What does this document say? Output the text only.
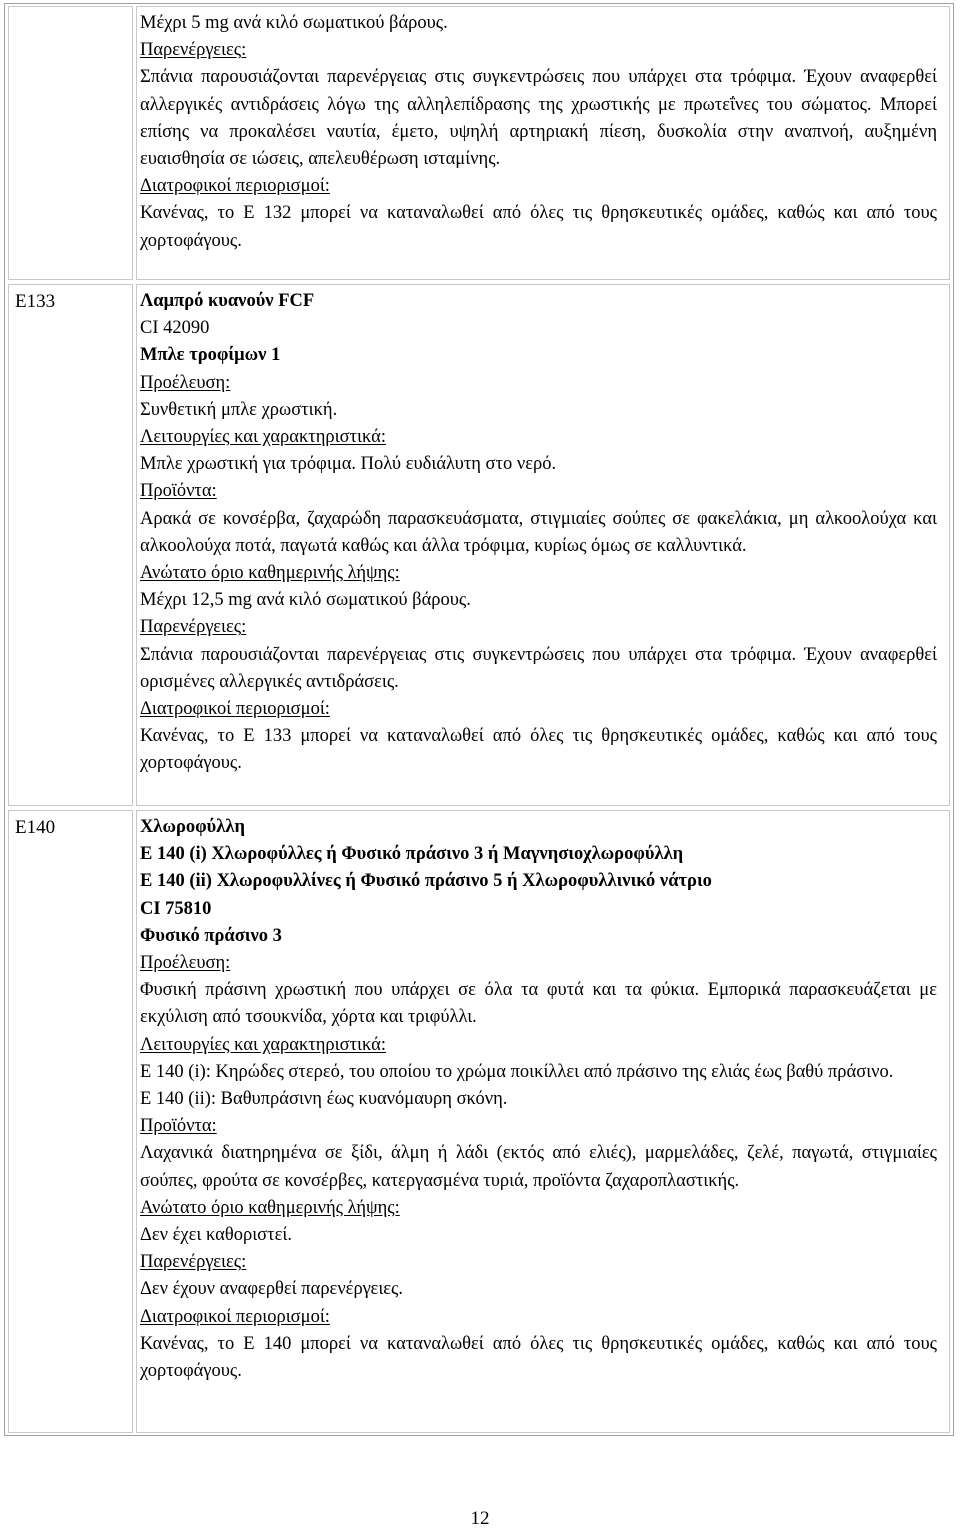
Μέχρι 5 mg ανά κιλό σωματικού βάρους.

Παρενέργειες:

Σπάνια παρουσιάζονται παρενέργειας στις συγκεντρώσεις που υπάρχει στα τρόφιμα. Έχουν αναφερθεί αλλεργικές αντιδράσεις λόγω της αλληλεπίδρασης της χρωστικής με πρωτεΐνες του σώματος. Μπορεί επίσης να προκαλέσει ναυτία, έμετο, υψηλή αρτηριακή πίεση, δυσκολία στην αναπνοή, αυξημένη ευαισθησία σε ιώσεις, απελευθέρωση ισταμίνης.

Διατροφικοί περιορισμοί:

Κανένας, το E 132 μπορεί να καταναλωθεί από όλες τις θρησκευτικές ομάδες, καθώς και από τους χορτοφάγους.

E133	Λαμπρό κυανούν FCF

CI 42090

Μπλε τροφίμων 1

Προέλευση:

Συνθετική μπλε χρωστική.

Λειτουργίες και χαρακτηριστικά:

Μπλε χρωστική για τρόφιμα. Πολύ ευδιάλυτη στο νερό.

Προϊόντα:

Αρακά σε κονσέρβα, ζαχαρώδη παρασκευάσματα, στιγμιαίες σούπες σε φακελάκια, μη αλκοολούχα και αλκοολούχα ποτά, παγωτά καθώς και άλλα τρόφιμα, κυρίως όμως σε καλλυντικά.

Ανώτατο όριο καθημερινής λήψης:

Μέχρι 12,5 mg ανά κιλό σωματικού βάρους.

Παρενέργειες:

Σπάνια παρουσιάζονται παρενέργειας στις συγκεντρώσεις που υπάρχει στα τρόφιμα. Έχουν αναφερθεί ορισμένες αλλεργικές αντιδράσεις.

Διατροφικοί περιορισμοί:

Κανένας, το E 133 μπορεί να καταναλωθεί από όλες τις θρησκευτικές ομάδες, καθώς και από τους χορτοφάγους.

E140	Χλωροφύλλη

E 140 (i) Χλωροφύλλες ή Φυσικό πράσινο 3 ή Μαγνησιοχλωροφύλλη

E 140 (ii) Χλωροφυλλίνες ή Φυσικό πράσινο 5 ή Χλωροφυλλινικό νάτριο

CI 75810

Φυσικό πράσινο 3

Προέλευση:

Φυσική πράσινη χρωστική που υπάρχει σε όλα τα φυτά και τα φύκια. Εμπορικά παρασκευάζεται με εκχύλιση από τσουκνίδα, χόρτα και τριφύλλι.

Λειτουργίες και χαρακτηριστικά:

E 140 (i): Κηρώδες στερεό, του οποίου το χρώμα ποικίλλει από πράσινο της ελιάς έως βαθύ πράσινο.

E 140 (ii): Βαθυπράσινη έως κυανόμαυρη σκόνη.

Προϊόντα:

Λαχανικά διατηρημένα σε ξίδι, άλμη ή λάδι (εκτός από ελιές), μαρμελάδες, ζελέ, παγωτά, στιγμιαίες σούπες, φρούτα σε κονσέρβες, κατεργασμένα τυριά, προϊόντα ζαχαροπλαστικής.

Ανώτατο όριο καθημερινής λήψης:

Δεν έχει καθοριστεί.

Παρενέργειες:

Δεν έχουν αναφερθεί παρενέργειες.

Διατροφικοί περιορισμοί:

Κανένας, το E 140 μπορεί να καταναλωθεί από όλες τις θρησκευτικές ομάδες, καθώς και από τους χορτοφάγους.

12
